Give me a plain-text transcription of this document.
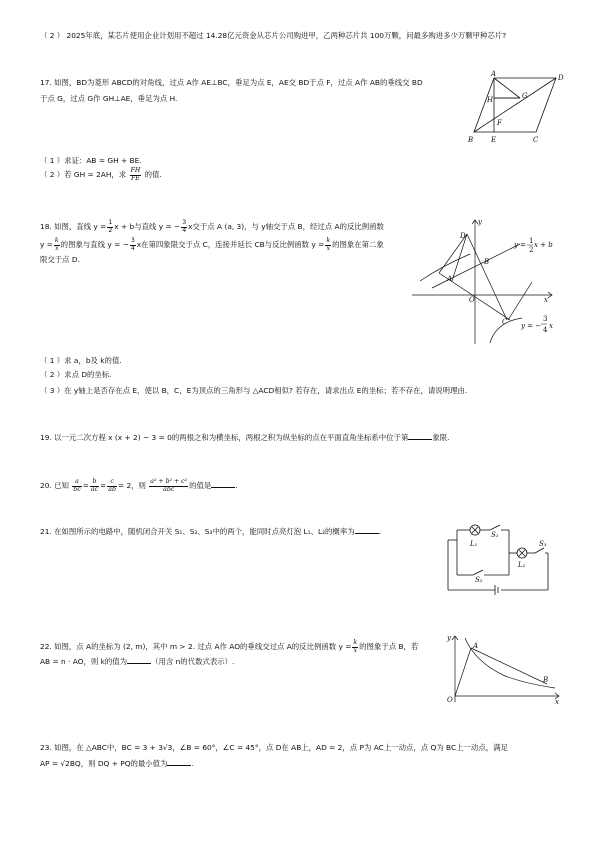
（ 2 ） 2025年底，某芯片使用企业计划用不超过 14.28亿元资金从芯片公司购进甲，乙两种芯片共 100万颗，问最多购进多少万颗甲种芯片?
17. 如图，BD为菱形 ABCD的对角线，过点 A作 AE⊥BC，垂足为点 E，AE交 BD于点 F，过点 A作 AB的垂线交 BD
于点 G，过点 G作 GH⊥AE，垂足为点 H.
（ 1 ）求证：AB = GH + BE.
（ 2 ）若 GH = 2AH，求 $\frac{FH}{FE}$ 的值.
A	D
H	G
F
B	E	C
18. 如图，直线 $y = \frac{1}{2}$ x + b与直线 y = − $\frac{3}{4}$ x交于点 A (a, 3)，与 y轴交于点 B，经过点 A的反比例函数
$y = \frac{k}{x}$ 的图象与直线 y = − $\frac{3}{4}$ x在第四象限交于点 C，连接并延长 CB与反比例函数 $y = \frac{k}{x}$ 的图象在第二象
限交于点 D.
（ 1 ）求 a，b及 k的值.
（ 2 ）求点 D的坐标.
（ 3 ）在 y轴上是否存在点 E，使以 B，C，E为顶点的三角形与 △ACD相似? 若存在，请求出点 E的坐标；若不存在，请说明理由.
D
A
B
O
C
x
y
y = 1
2
x + b
y = −
3
4 x
19. 以一元二次方程 x (x + 2) − 3 = 0的两根之和为横坐标，两根之积为纵坐标的点在平面直角坐标系中位于第	象限.
20. 已知 $\frac{a}{bc} = \frac{b}{ac} = \frac{c}{ab} = 2$，则 $\frac{\text{a² + b² + c²}}{\text{abc}}$ 的值是	.
21. 在如图所示的电路中，随机闭合开关 S₁、S₂、S₃中的两个，能同时点亮灯泡 L₁、L₂的概率为	.	S₁
L₁
S₂
L₂
S₃
22. 如图，点 A的坐标为 (2, m)，其中 m > 2. 过点 A作 AO的垂线交过点 A的反比例函数 $y = \frac{k}{x}$ 的图象于点 B，若
AB = n · AO，则 k的值为	（用含 n的代数式表示）.
y
A
B
O	x
23. 如图，在 △ABC中，BC = 3 + 3√3，∠B = 60°，∠C = 45°，点 D在 AB上，AD = 2，点 P为 AC上一动点，点 Q为 BC上一动点，满足
AP = √2BQ，则 DQ + PQ的最小值为	.
